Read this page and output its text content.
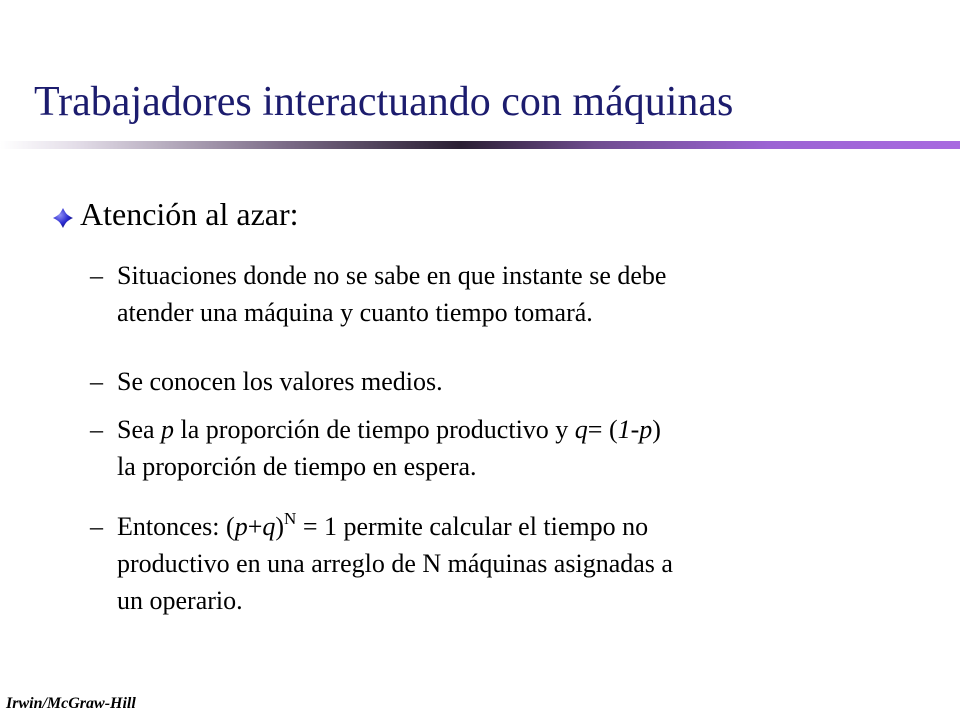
Trabajadores interactuando con máquinas
Atención al azar:
– Situaciones donde no se sabe en que instante se debe
atender una máquina y cuanto tiempo tomará.
– Se conocen los valores medios.
– Sea p la proporción de tiempo productivo y q= (1-p)
la proporción de tiempo en espera.
– Entonces: $(p+q)^N = 1$ permite calcular el tiempo no
productivo en una arreglo de N máquinas asignadas a
un operario.
Irwin/McGraw-Hill
